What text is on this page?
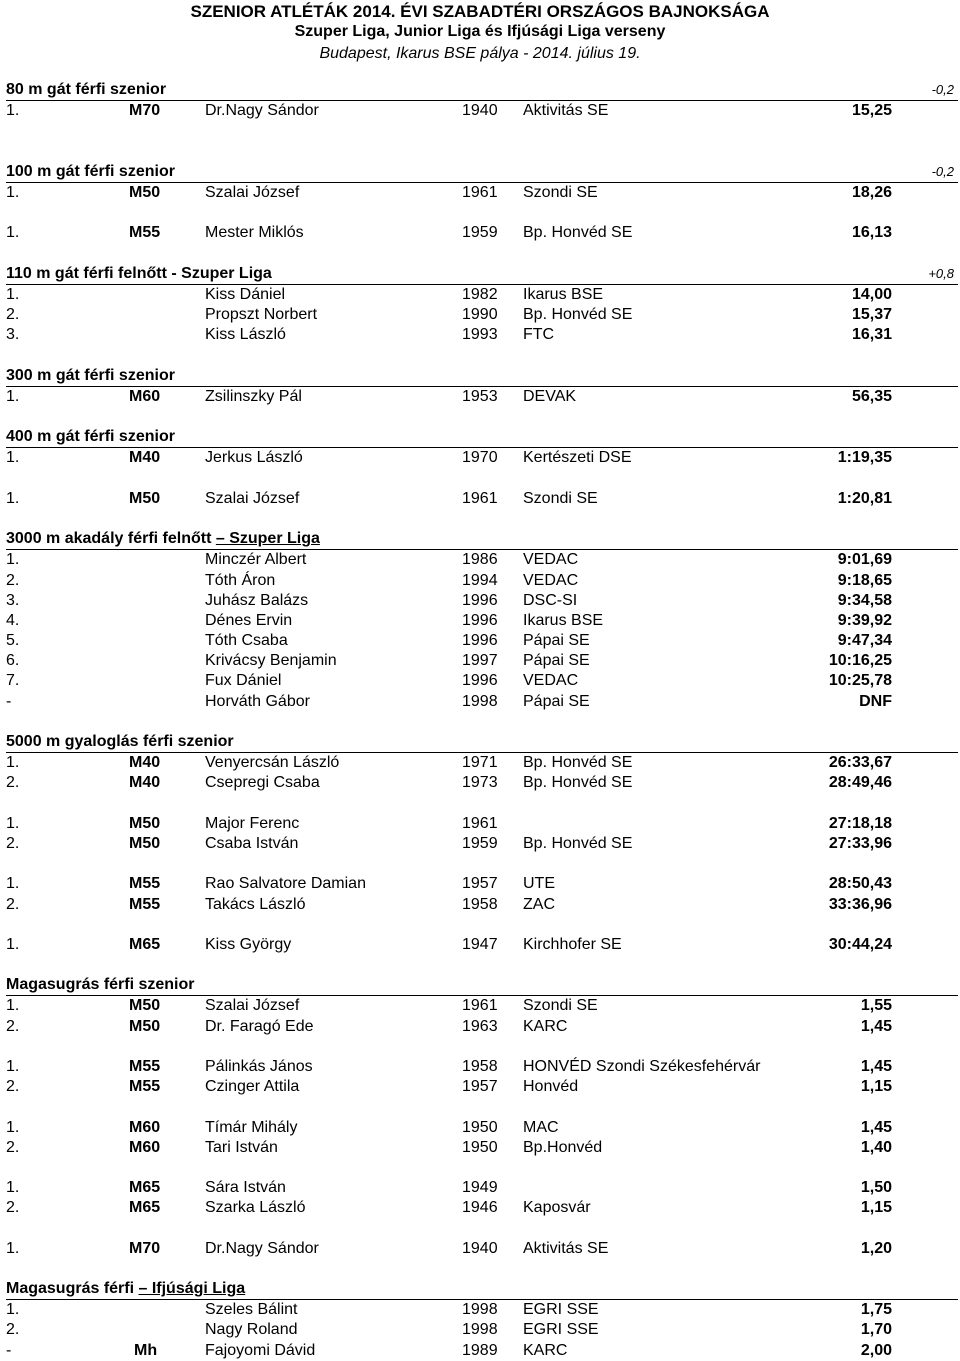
SZENIOR ATLÉTÁK 2014. ÉVI SZABADTÉRI ORSZÁGOS BAJNOKSÁGA
Szuper Liga, Junior Liga és Ifjúsági Liga verseny
Budapest, Ikarus BSE pálya - 2014. július 19.
80 m gát férfi szenior	-0,2
1.	M70	Dr.Nagy Sándor	1940 Aktivitás SE	15,25
100 m gát férfi szenior	-0,2
1.	M50	Szalai József	1961 Szondi SE	18,26
1.	M55	Mester Miklós	1959 Bp. Honvéd SE	16,13
110 m gát férfi felnőtt - Szuper Liga	+0,8
1.	Kiss Dániel	1982 Ikarus BSE	14,00
2.	Propszt Norbert	1990 Bp. Honvéd SE	15,37
3.	Kiss László	1993 FTC	16,31
300 m gát férfi szenior
1.	M60	Zsilinszky Pál	1953 DEVAK	56,35
400 m gát férfi szenior
1.	M40	Jerkus László	1970 Kertészeti DSE	1:19,35
1.	M50	Szalai József	1961 Szondi SE	1:20,81
3000 m akadály férfi felnőtt – Szuper Liga
1.	Minczér Albert	1986 VEDAC	9:01,69
2.	Tóth Áron	1994 VEDAC	9:18,65
3.	Juhász Balázs	1996 DSC-SI	9:34,58
4.	Dénes Ervin	1996 Ikarus BSE	9:39,92
5.	Tóth Csaba	1996 Pápai SE	9:47,34
6.	Krivácsy Benjamin	1997 Pápai SE	10:16,25
7.	Fux Dániel	1996 VEDAC	10:25,78
-	Horváth Gábor	1998 Pápai SE	DNF
5000 m gyaloglás férfi szenior
1.	M40	Venyercsán László	1971 Bp. Honvéd SE	26:33,67
2.	M40	Csepregi Csaba	1973 Bp. Honvéd SE	28:49,46
1.	M50	Major Ferenc	1961	27:18,18
2.	M50	Csaba István	1959 Bp. Honvéd SE	27:33,96
1.	M55	Rao Salvatore Damian	1957 UTE	28:50,43
2.	M55	Takács László	1958 ZAC	33:36,96
1.	M65	Kiss György	1947 Kirchhofer SE	30:44,24
Magasugrás férfi szenior
1.	M50	Szalai József	1961 Szondi SE	1,55
2.	M50	Dr. Faragó Ede	1963 KARC	1,45
1.	M55	Pálinkás János	1958 HONVÉD Szondi Székesfehérvár	1,45
2.	M55	Czinger Attila	1957 Honvéd	1,15
1.	M60	Tímár Mihály	1950 MAC	1,45
2.	M60	Tari István	1950 Bp.Honvéd	1,40
1.	M65	Sára István	1949	1,50
2.	M65	Szarka László	1946 Kaposvár	1,15
1.	M70	Dr.Nagy Sándor	1940 Aktivitás SE	1,20
Magasugrás férfi – Ifjúsági Liga
1.	Szeles Bálint	1998 EGRI SSE	1,75
2.	Nagy Roland	1998 EGRI SSE	1,70
-	Mh	Fajoyomi Dávid	1989 KARC	2,00
